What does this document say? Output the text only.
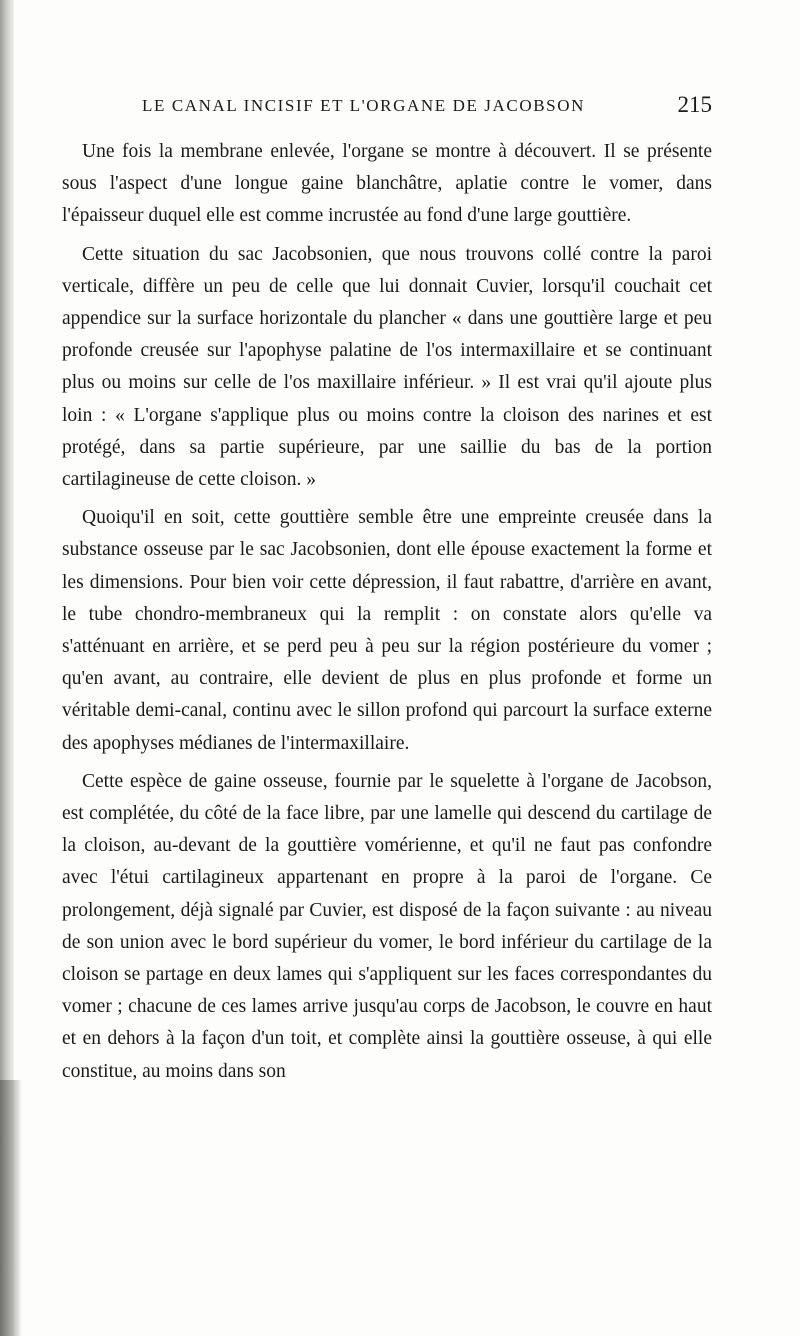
LE CANAL INCISIF ET L'ORGANE DE JACOBSON	215

Une fois la membrane enlevée, l'organe se montre à découvert. Il se présente sous l'aspect d'une longue gaine blanchâtre, aplatie contre le vomer, dans l'épaisseur duquel elle est comme incrustée au fond d'une large gouttière.

Cette situation du sac Jacobsonien, que nous trouvons collé contre la paroi verticale, diffère un peu de celle que lui donnait Cuvier, lorsqu'il couchait cet appendice sur la surface horizontale du plancher « dans une gouttière large et peu profonde creusée sur l'apophyse palatine de l'os intermaxillaire et se continuant plus ou moins sur celle de l'os maxillaire inférieur. » Il est vrai qu'il ajoute plus loin : « L'organe s'applique plus ou moins contre la cloison des narines et est protégé, dans sa partie supérieure, par une saillie du bas de la portion cartilagineuse de cette cloison. »

Quoiqu'il en soit, cette gouttière semble être une empreinte creusée dans la substance osseuse par le sac Jacobsonien, dont elle épouse exactement la forme et les dimensions. Pour bien voir cette dépression, il faut rabattre, d'arrière en avant, le tube chondro-membraneux qui la remplit : on constate alors qu'elle va s'atténuant en arrière, et se perd peu à peu sur la région postérieure du vomer ; qu'en avant, au contraire, elle devient de plus en plus profonde et forme un véritable demi-canal, continu avec le sillon profond qui parcourt la surface externe des apophyses médianes de l'intermaxillaire.

Cette espèce de gaine osseuse, fournie par le squelette à l'organe de Jacobson, est complétée, du côté de la face libre, par une lamelle qui descend du cartilage de la cloison, au-devant de la gouttière vomérienne, et qu'il ne faut pas confondre avec l'étui cartilagineux appartenant en propre à la paroi de l'organe. Ce prolongement, déjà signalé par Cuvier, est disposé de la façon suivante : au niveau de son union avec le bord supérieur du vomer, le bord inférieur du cartilage de la cloison se partage en deux lames qui s'appliquent sur les faces correspondantes du vomer ; chacune de ces lames arrive jusqu'au corps de Jacobson, le couvre en haut et en dehors à la façon d'un toit, et complète ainsi la gouttière osseuse, à qui elle constitue, au moins dans son
